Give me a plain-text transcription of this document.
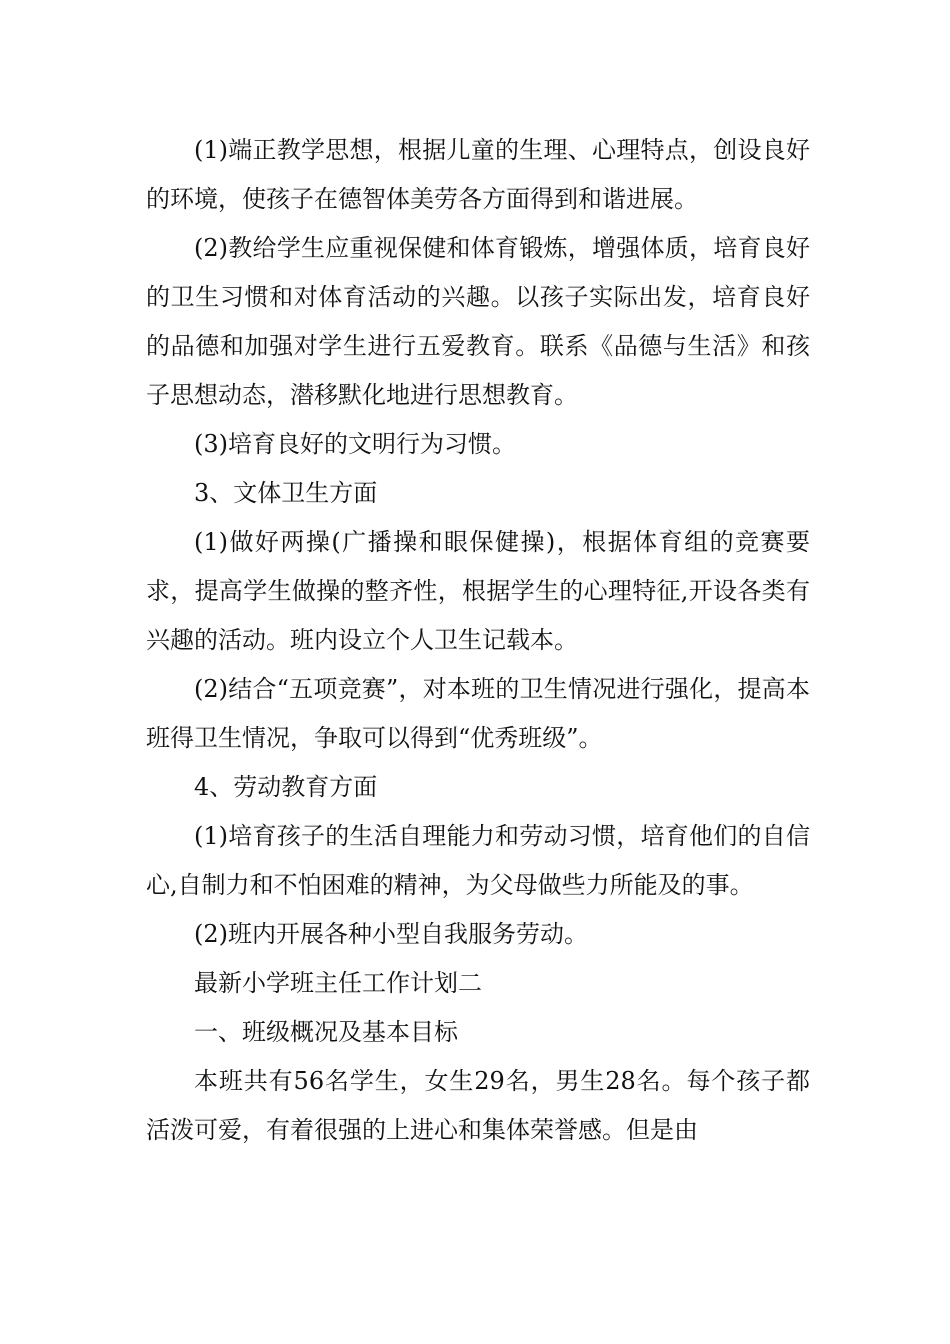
(1)端正教学思想，根据儿童的生理、心理特点，创设良好的环境，使孩子在德智体美劳各方面得到和谐进展。

(2)教给学生应重视保健和体育锻炼，增强体质，培育良好的卫生习惯和对体育活动的兴趣。以孩子实际出发，培育良好的品德和加强对学生进行五爱教育。联系《品德与生活》和孩子思想动态，潜移默化地进行思想教育。

(3)培育良好的文明行为习惯。

3、文体卫生方面

(1)做好两操(广播操和眼保健操)，根据体育组的竞赛要求，提高学生做操的整齐性，根据学生的心理特征,开设各类有兴趣的活动。班内设立个人卫生记载本。

(2)结合“五项竞赛”，对本班的卫生情况进行强化，提高本班得卫生情况，争取可以得到“优秀班级”。

4、劳动教育方面

(1)培育孩子的生活自理能力和劳动习惯，培育他们的自信心,自制力和不怕困难的精神，为父母做些力所能及的事。

(2)班内开展各种小型自我服务劳动。

最新小学班主任工作计划二

一、班级概况及基本目标

本班共有56名学生，女生29名，男生28名。每个孩子都活泼可爱，有着很强的上进心和集体荣誉感。但是由
